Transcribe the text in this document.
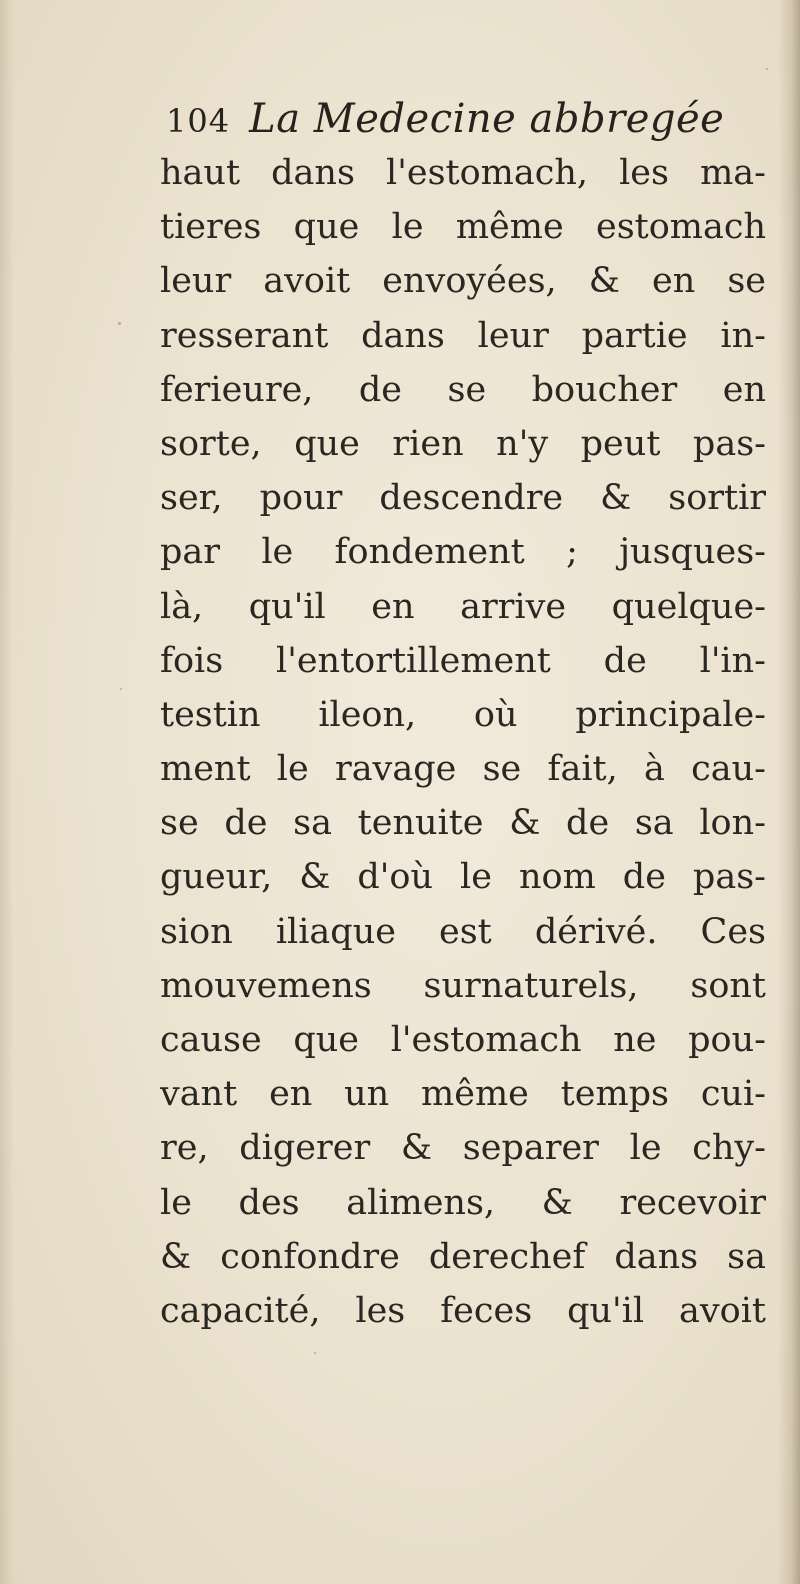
104 La Medecine abbregée
haut dans l'estomach, les ma-
tieres que le même estomach
leur avoit envoyées, & en se
resserant dans leur partie in-
ferieure, de se boucher en
sorte, que rien n'y peut pas-
ser, pour descendre & sortir
par le fondement ; jusques-
là, qu'il en arrive quelque-
fois l'entortillement de l'in-
testin ileon, où principale-
ment le ravage se fait, à cau-
se de sa tenuite & de sa lon-
gueur, & d'où le nom de pas-
sion iliaque est dérivé. Ces
mouvemens surnaturels, sont
cause que l'estomach ne pou-
vant en un même temps cui-
re, digerer & separer le chy-
le des alimens, & recevoir
& confondre derechef dans sa
capacité, les feces qu'il avoit
